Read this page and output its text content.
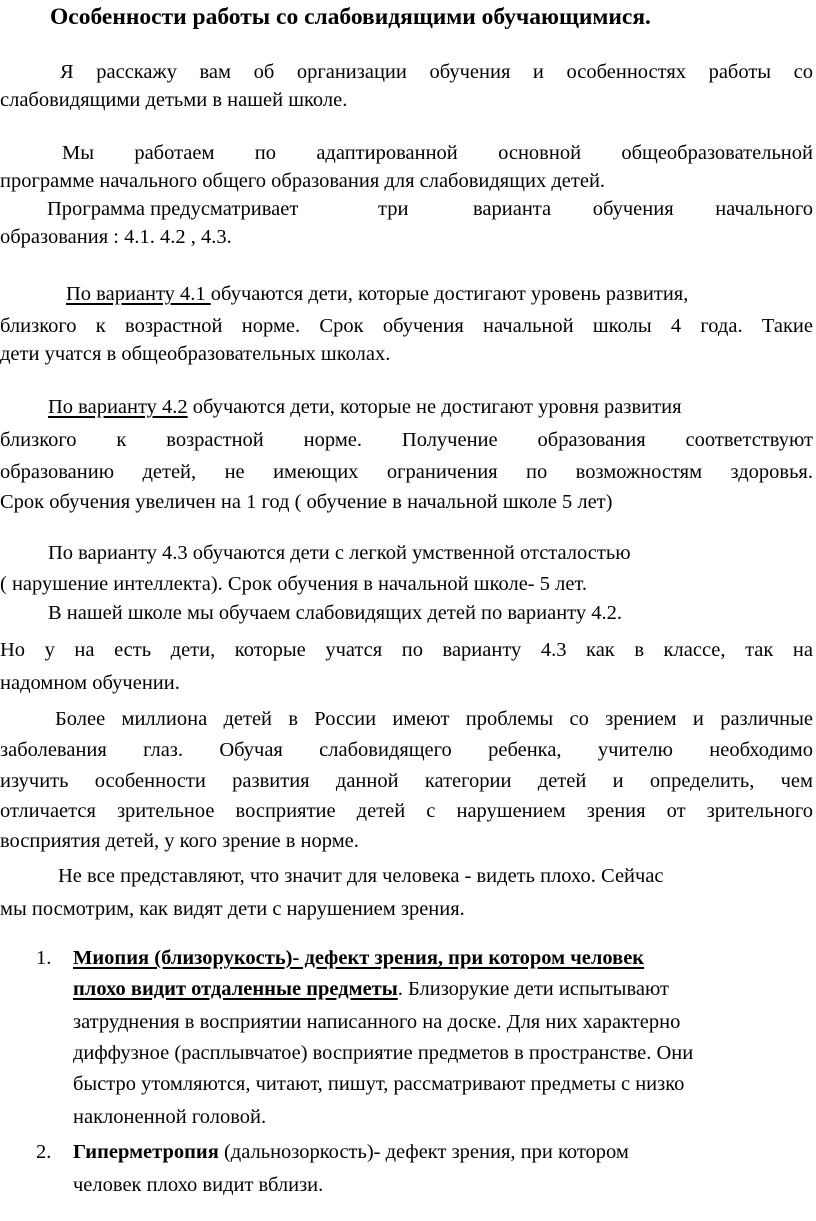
Особенности работы со слабовидящими обучающимися.
Я расскажу вам об организации обучения и особенностях работы со
слабовидящими детьми в нашей школе.
Мы работаем по адаптированной основной общеобразовательной
программе начального общего образования для слабовидящих детей.
Программа предусматривает	три	варианта обучения начального
образования : 4.1. 4.2 , 4.3.
По варианту 4.1 обучаются дети, которые достигают уровень развития,
близкого к возрастной норме. Срок обучения начальной школы 4 года. Такие
дети учатся в общеобразовательных школах.
По варианту 4.2 обучаются дети, которые не достигают уровня развития
близкого к возрастной норме. Получение образования соответствуют
образованию детей, не имеющих ограничения по возможностям здоровья.
Срок обучения увеличен на 1 год ( обучение в начальной школе 5 лет)
По варианту 4.3 обучаются дети с легкой умственной отсталостью
( нарушение интеллекта). Срок обучения в начальной школе- 5 лет.
В нашей школе мы обучаем слабовидящих детей по варианту 4.2.
Но у на есть дети, которые учатся по варианту 4.3 как в классе, так на
надомном обучении.
Более миллиона детей в России имеют проблемы со зрением и различные
заболевания глаз. Обучая слабовидящего ребенка, учителю необходимо
изучить особенности развития данной категории детей и определить, чем
отличается зрительное восприятие детей с нарушением зрения от зрительного
восприятия детей, у кого зрение в норме.
Не все представляют, что значит для человека - видеть плохо. Сейчас
мы посмотрим, как видят дети с нарушением зрения.
1. Миопия (близорукость)- дефект зрения, при котором человек
плохо видит отдаленные предметы. Близорукие дети испытывают
затруднения в восприятии написанного на доске. Для них характерно
диффузное (расплывчатое) восприятие предметов в пространстве. Они
быстро утомляются, читают, пишут, рассматривают предметы с низко
наклоненной головой.
2. Гиперметропия (дальнозоркость)- дефект зрения, при котором
человек плохо видит вблизи.
